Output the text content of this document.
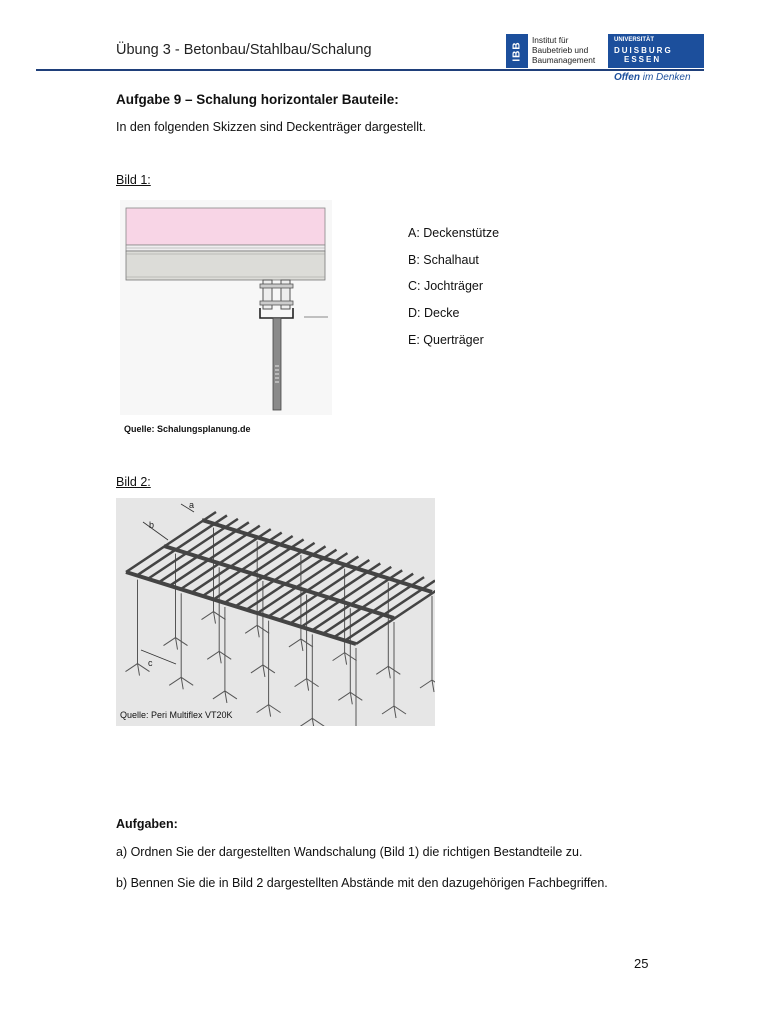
Übung 3 - Betonbau/Stahlbau/Schalung	IBB
Institut für
Baubetrieb und
Baumanagement
UNIVERSITÄT
DUISBURG
ESSEN
Offen im Denken
Aufgabe 9 – Schalung horizontaler Bauteile:
In den folgenden Skizzen sind Deckenträger dargestellt.
Bild 1:
Quelle: Schalungsplanung.de
A: Deckenstütze
B: Schalhaut
C: Jochträger
D: Decke
E: Querträger
Bild 2:
a
b
c
Quelle: Peri Multiflex VT20K
Aufgaben:
a) Ordnen Sie der dargestellten Wandschalung (Bild 1) die richtigen Bestandteile zu.
b) Bennen Sie die in Bild 2 dargestellten Abstände mit den dazugehörigen Fachbegriffen.
25
